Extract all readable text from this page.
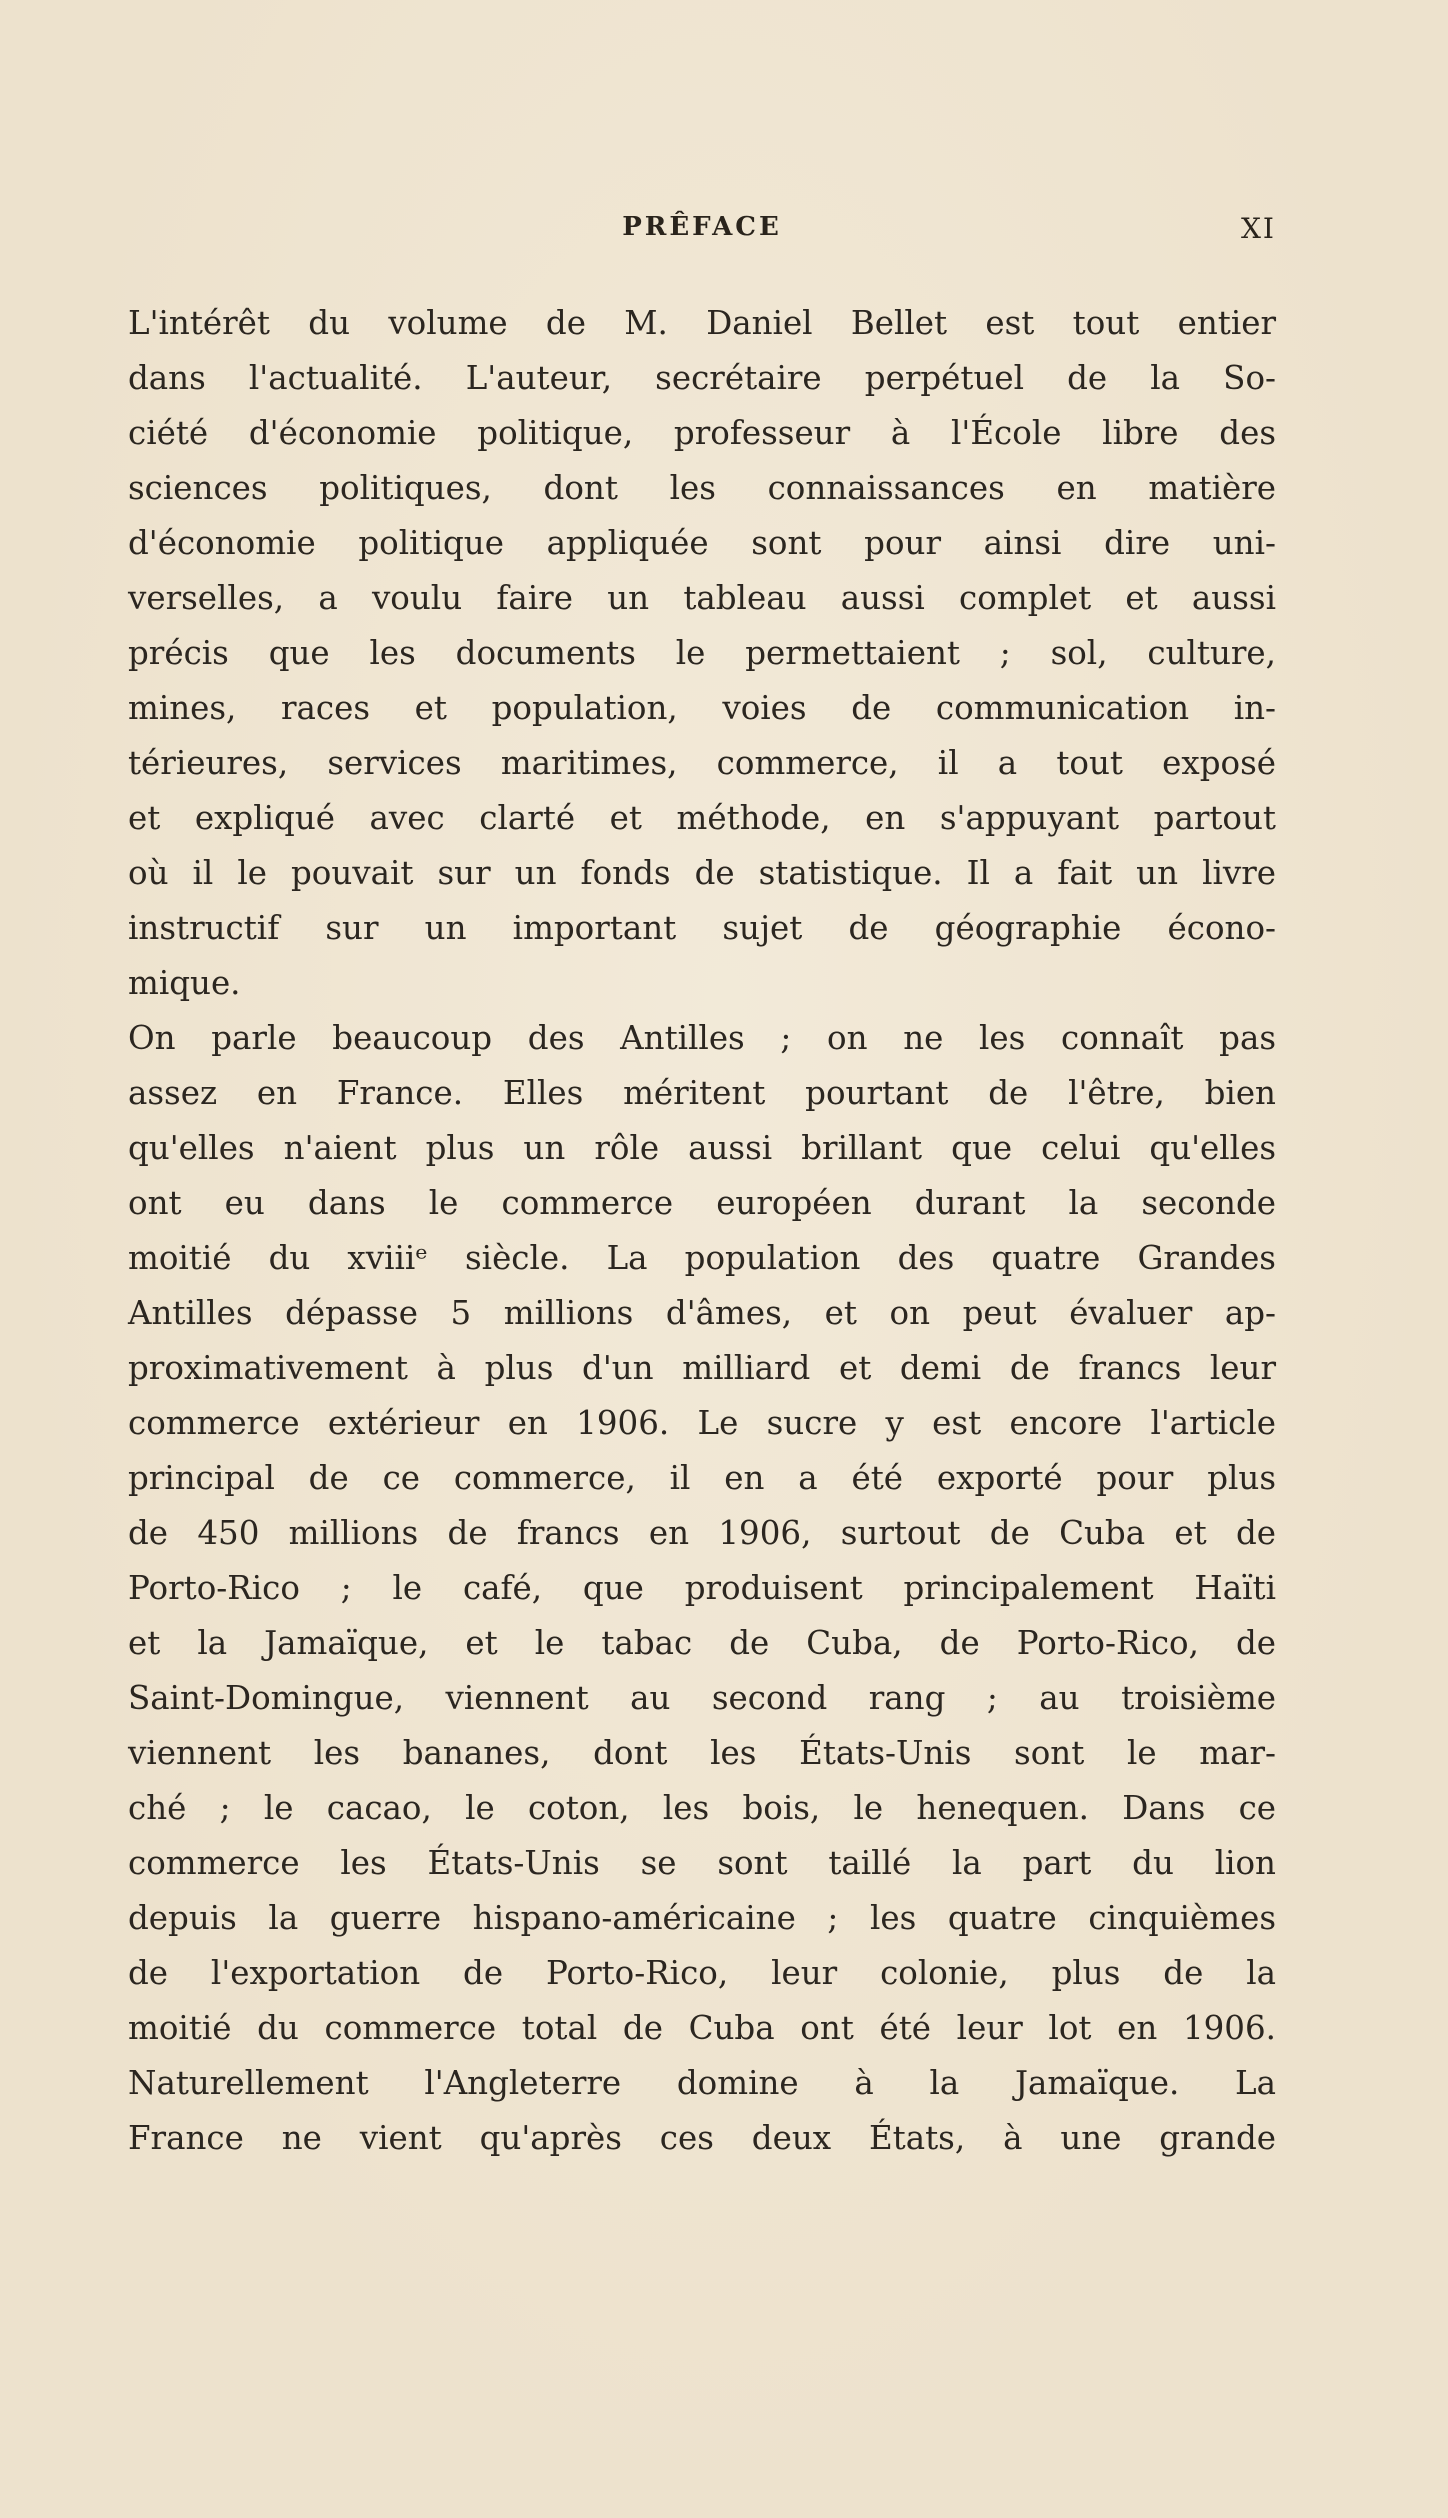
PRÊFACE	XI
L'intérêt du volume de M. Daniel Bellet est tout entier
dans l'actualité. L'auteur, secrétaire perpétuel de la So-
ciété d'économie politique, professeur à l'École libre des
sciences politiques, dont les connaissances en matière
d'économie politique appliquée sont pour ainsi dire uni-
verselles, a voulu faire un tableau aussi complet et aussi
précis que les documents le permettaient ; sol, culture,
mines, races et population, voies de communication in-
térieures, services maritimes, commerce, il a tout exposé
et expliqué avec clarté et méthode, en s'appuyant partout
où il le pouvait sur un fonds de statistique. Il a fait un livre
instructif sur un important sujet de géographie écono-
mique.
On parle beaucoup des Antilles ; on ne les connaît pas
assez en France. Elles méritent pourtant de l'être, bien
qu'elles n'aient plus un rôle aussi brillant que celui qu'elles
ont eu dans le commerce européen durant la seconde
moitié du xviiiᵉ siècle. La population des quatre Grandes
Antilles dépasse 5 millions d'âmes, et on peut évaluer ap-
proximativement à plus d'un milliard et demi de francs leur
commerce extérieur en 1906. Le sucre y est encore l'article
principal de ce commerce, il en a été exporté pour plus
de 450 millions de francs en 1906, surtout de Cuba et de
Porto-Rico ; le café, que produisent principalement Haïti
et la Jamaïque, et le tabac de Cuba, de Porto-Rico, de
Saint-Domingue, viennent au second rang ; au troisième
viennent les bananes, dont les États-Unis sont le mar-
ché ; le cacao, le coton, les bois, le henequen. Dans ce
commerce les États-Unis se sont taillé la part du lion
depuis la guerre hispano-américaine ; les quatre cinquièmes
de l'exportation de Porto-Rico, leur colonie, plus de la
moitié du commerce total de Cuba ont été leur lot en 1906.
Naturellement l'Angleterre domine à la Jamaïque. La
France ne vient qu'après ces deux États, à une grande
